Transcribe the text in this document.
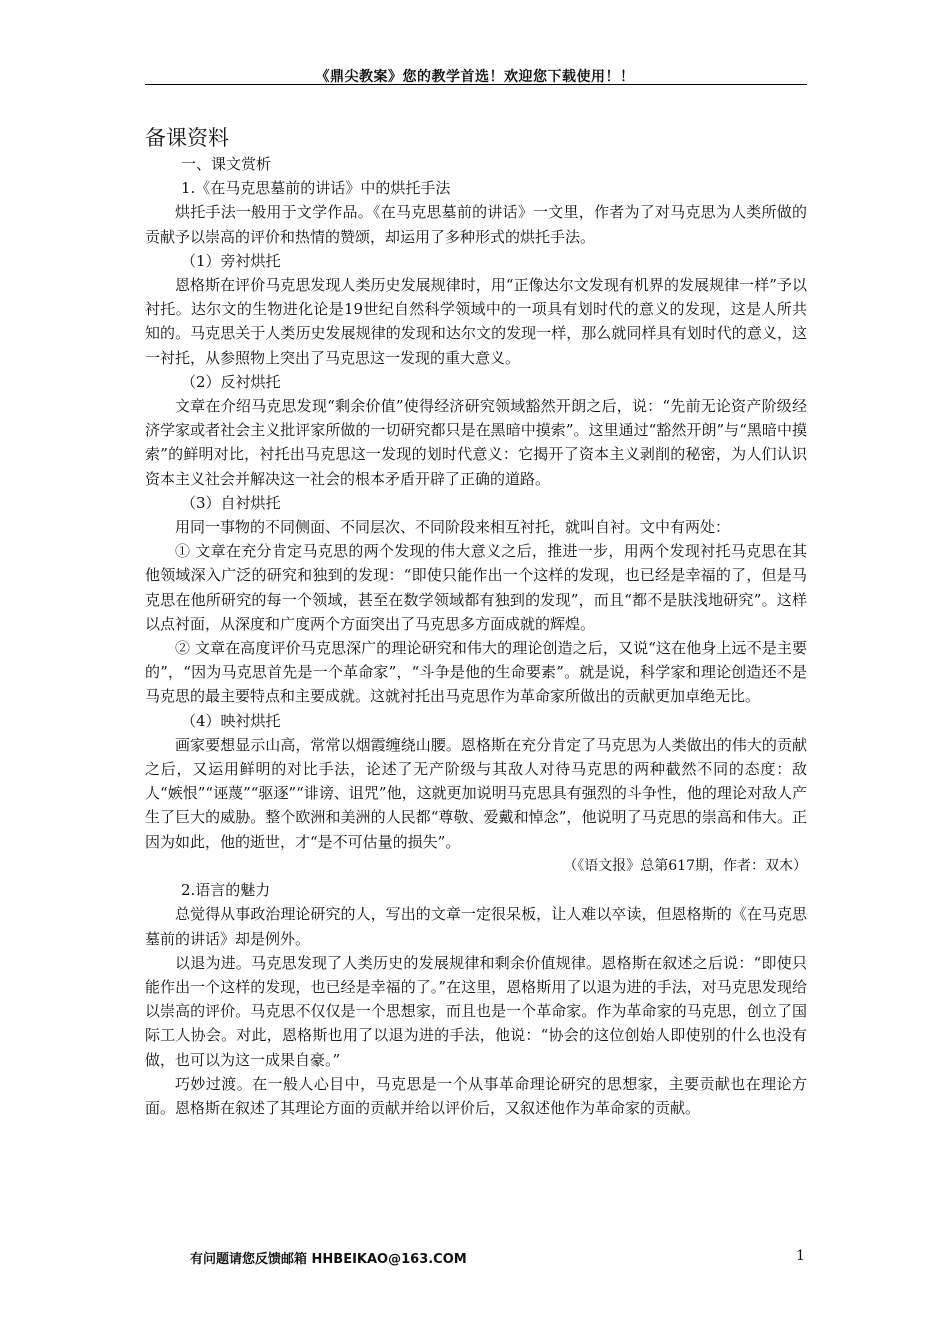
《鼎尖教案》您的教学首选！欢迎您下载使用！！
备课资料

一、课文赏析

1.《在马克思墓前的讲话》中的烘托手法

烘托手法一般用于文学作品。《在马克思墓前的讲话》一文里，作者为了对马克思为人类所做的贡献予以崇高的评价和热情的赞颂，却运用了多种形式的烘托手法。

（1）旁衬烘托

恩格斯在评价马克思发现人类历史发展规律时，用“正像达尔文发现有机界的发展规律一样”予以衬托。达尔文的生物进化论是19世纪自然科学领域中的一项具有划时代的意义的发现，这是人所共知的。马克思关于人类历史发展规律的发现和达尔文的发现一样，那么就同样具有划时代的意义，这一衬托，从参照物上突出了马克思这一发现的重大意义。

（2）反衬烘托

文章在介绍马克思发现“剩余价值”使得经济研究领域豁然开朗之后，说：“先前无论资产阶级经济学家或者社会主义批评家所做的一切研究都只是在黑暗中摸索”。这里通过“豁然开朗”与“黑暗中摸索”的鲜明对比，衬托出马克思这一发现的划时代意义：它揭开了资本主义剥削的秘密，为人们认识资本主义社会并解决这一社会的根本矛盾开辟了正确的道路。

（3）自衬烘托

用同一事物的不同侧面、不同层次、不同阶段来相互衬托，就叫自衬。文中有两处：

① 文章在充分肯定马克思的两个发现的伟大意义之后，推进一步，用两个发现衬托马克思在其他领域深入广泛的研究和独到的发现：“即使只能作出一个这样的发现，也已经是幸福的了，但是马克思在他所研究的每一个领域，甚至在数学领域都有独到的发现”，而且“都不是肤浅地研究”。这样以点衬面，从深度和广度两个方面突出了马克思多方面成就的辉煌。

② 文章在高度评价马克思深广的理论研究和伟大的理论创造之后，又说“这在他身上远不是主要的”，“因为马克思首先是一个革命家”，“斗争是他的生命要素”。就是说，科学家和理论创造还不是马克思的最主要特点和主要成就。这就衬托出马克思作为革命家所做出的贡献更加卓绝无比。

（4）映衬烘托

画家要想显示山高，常常以烟霞缠绕山腰。恩格斯在充分肯定了马克思为人类做出的伟大的贡献之后，又运用鲜明的对比手法，论述了无产阶级与其敌人对待马克思的两种截然不同的态度：敌人“嫉恨”“诬蔑”“驱逐”“诽谤、诅咒”他，这就更加说明马克思具有强烈的斗争性，他的理论对敌人产生了巨大的威胁。整个欧洲和美洲的人民都“尊敬、爱戴和悼念”，他说明了马克思的崇高和伟大。正因为如此，他的逝世，才“是不可估量的损失”。

（《语文报》总第617期，作者：双木）

2.语言的魅力

总觉得从事政治理论研究的人，写出的文章一定很呆板，让人难以卒读，但恩格斯的《在马克思墓前的讲话》却是例外。

以退为进。马克思发现了人类历史的发展规律和剩余价值规律。恩格斯在叙述之后说：“即使只能作出一个这样的发现，也已经是幸福的了。”在这里，恩格斯用了以退为进的手法，对马克思发现给以崇高的评价。马克思不仅仅是一个思想家，而且也是一个革命家。作为革命家的马克思，创立了国际工人协会。对此，恩格斯也用了以退为进的手法，他说：“协会的这位创始人即使别的什么也没有做，也可以为这一成果自豪。”

巧妙过渡。在一般人心目中，马克思是一个从事革命理论研究的思想家，主要贡献也在理论方面。恩格斯在叙述了其理论方面的贡献并给以评价后，又叙述他作为革命家的贡献。

有问题请您反馈邮箱 HHBEIKAO@163.COM	1
